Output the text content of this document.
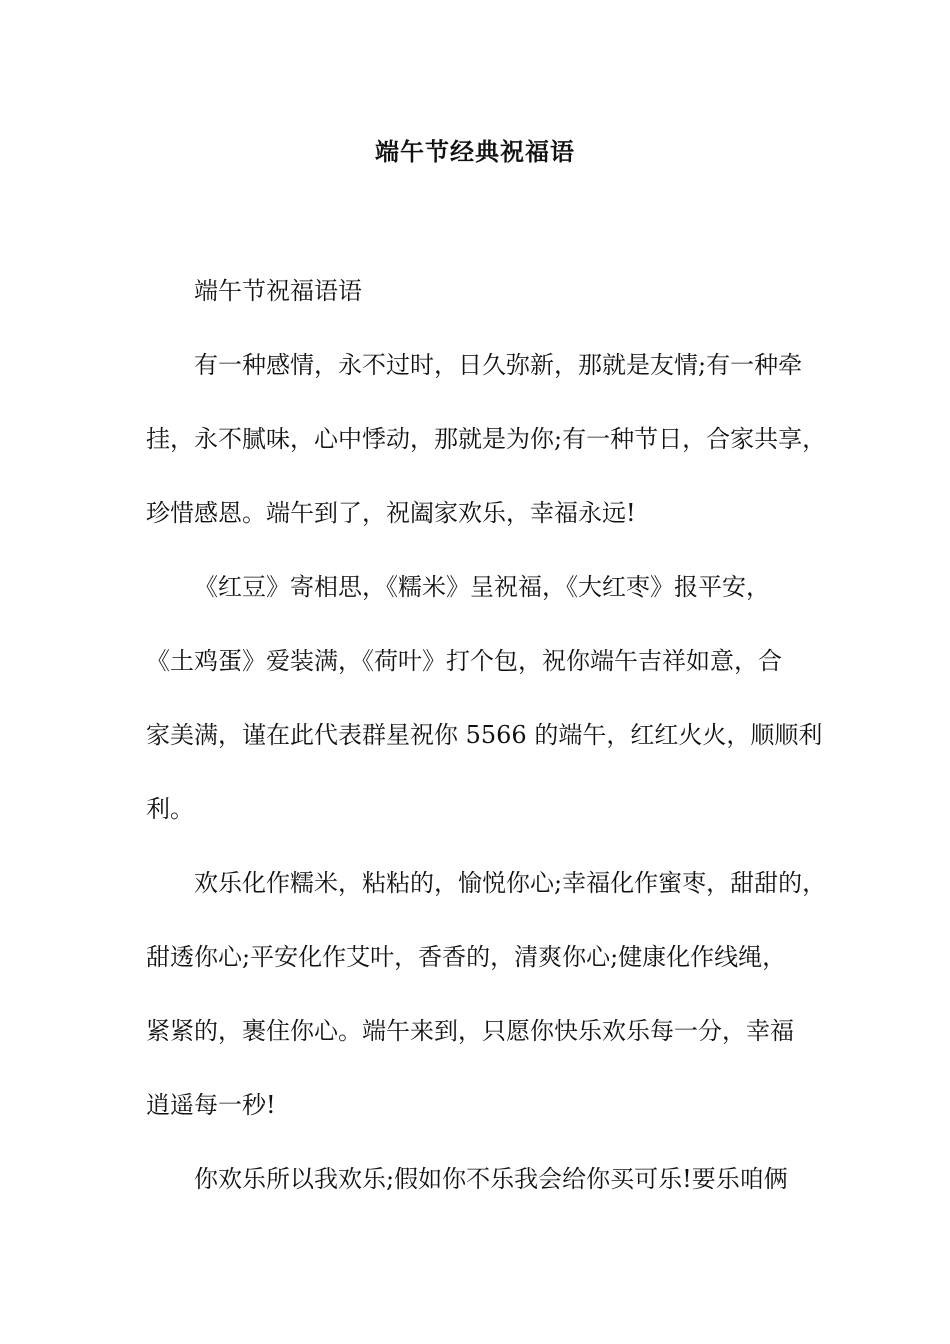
端午节经典祝福语
端午节祝福语语
有一种感情，永不过时，日久弥新，那就是友情;有一种牵
挂，永不腻味，心中悸动，那就是为你;有一种节日，合家共享，
珍惜感恩。端午到了，祝阖家欢乐，幸福永远!
《红豆》寄相思，《糯米》呈祝福，《大红枣》报平安，
《土鸡蛋》爱装满，《荷叶》打个包，祝你端午吉祥如意，合
家美满，谨在此代表群星祝你 5566 的端午，红红火火，顺顺利
利。
欢乐化作糯米，粘粘的，愉悦你心;幸福化作蜜枣，甜甜的，
甜透你心;平安化作艾叶，香香的，清爽你心;健康化作线绳，
紧紧的，裹住你心。端午来到，只愿你快乐欢乐每一分，幸福
逍遥每一秒!
你欢乐所以我欢乐;假如你不乐我会给你买可乐!要乐咱俩
